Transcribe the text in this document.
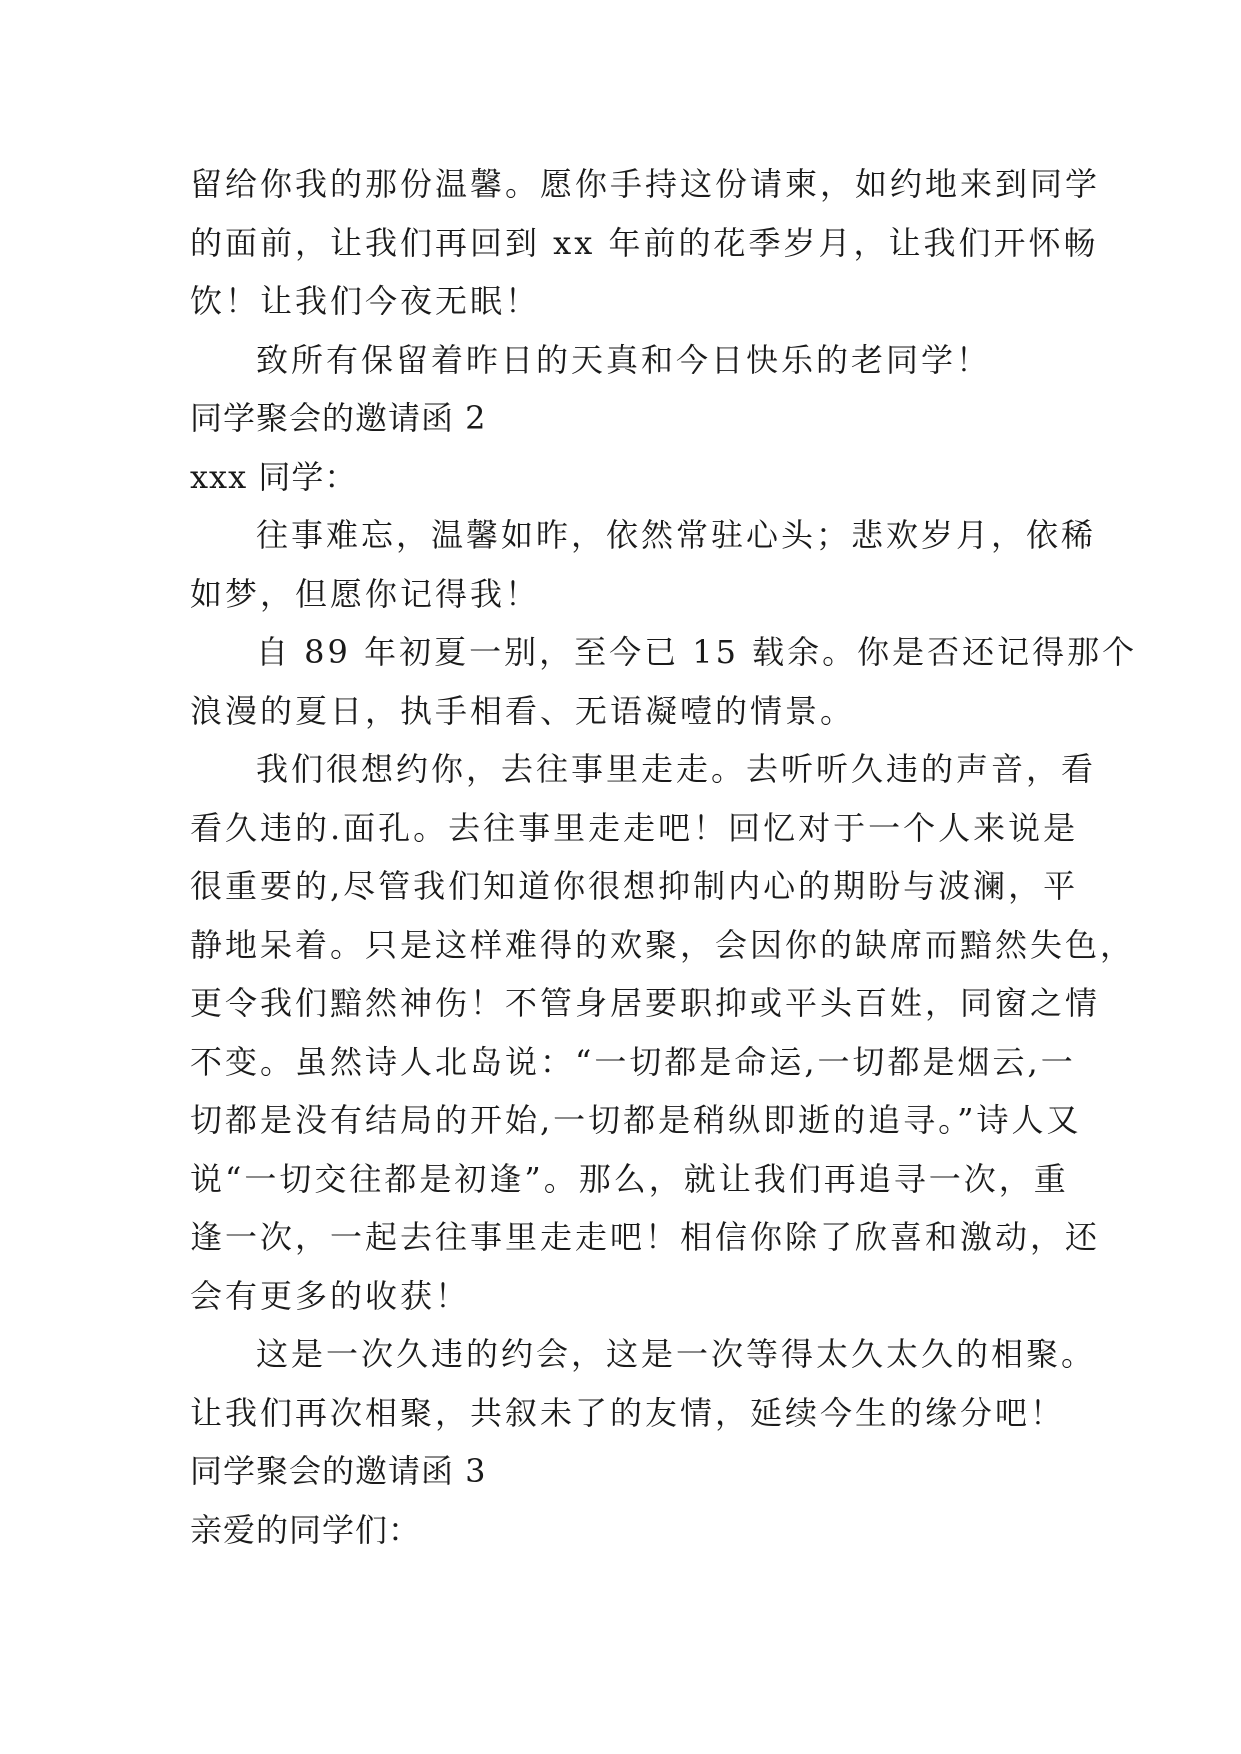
留给你我的那份温馨。愿你手持这份请柬，如约地来到同学
的面前，让我们再回到 xx 年前的花季岁月，让我们开怀畅
饮！让我们今夜无眠！
致所有保留着昨日的天真和今日快乐的老同学！
同学聚会的邀请函 2
xxx 同学：
往事难忘，温馨如昨，依然常驻心头；悲欢岁月，依稀
如梦，但愿你记得我！
自 89 年初夏一别，至今已 15 载余。你是否还记得那个
浪漫的夏日，执手相看、无语凝噎的情景。
我们很想约你，去往事里走走。去听听久违的声音，看
看久违的.面孔。去往事里走走吧！回忆对于一个人来说是
很重要的,尽管我们知道你很想抑制内心的期盼与波澜，平
静地呆着。只是这样难得的欢聚，会因你的缺席而黯然失色，
更令我们黯然神伤！不管身居要职抑或平头百姓，同窗之情
不变。虽然诗人北岛说：“一切都是命运,一切都是烟云,一
切都是没有结局的开始,一切都是稍纵即逝的追寻。”诗人又
说“一切交往都是初逢”。那么，就让我们再追寻一次，重
逢一次，一起去往事里走走吧！相信你除了欣喜和激动，还
会有更多的收获！
这是一次久违的约会，这是一次等得太久太久的相聚。
让我们再次相聚，共叙未了的友情，延续今生的缘分吧！
同学聚会的邀请函 3
亲爱的同学们：
